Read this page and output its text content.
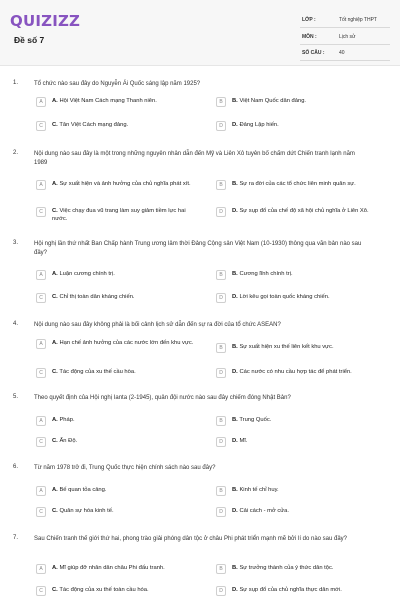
QUIZIZZ
Đề số 7
LỚP :	Tốt nghiệp THPT
MÔN :	Lịch sử
SỐ CÂU :	40
1.	Tổ chức nào sau đây do Nguyễn Ái Quốc sáng lập năm 1925?
A	A. Hội Việt Nam Cách mạng Thanh niên.	B	B. Việt Nam Quốc dân đảng.
C	C. Tân Việt Cách mạng đảng.	D	D. Đảng Lập hiến.
2.	Nội dung nào sau đây là một trong những nguyên nhân dẫn đến Mỹ và Liên Xô tuyên bố chấm dứt Chiến tranh lạnh năm 1989
A	A. Sự xuất hiện và ảnh hưởng của chủ nghĩa phát xít.	B	B. Sự ra đời của các tổ chức liên minh quân sự.
C	C. Việc chạy đua vũ trang làm suy giảm tiềm lực hai nước.
D	D. Sự sụp đổ của chế độ xã hội chủ nghĩa ở Liên Xô.
3.	Hội nghị lần thứ nhất Ban Chấp hành Trung ương lâm thời Đảng Cộng sản Việt Nam (10-1930) thông qua văn bản nào sau đây?
A	A. Luận cương chính trị.	B	B. Cương lĩnh chính trị.
C	C. Chỉ thị toàn dân kháng chiến.	D	D. Lời kêu gọi toàn quốc kháng chiến.
4.	Nội dung nào sau đây không phải là bối cảnh lịch sử dẫn đến sự ra đời của tổ chức ASEAN?
A	A. Hạn chế ảnh hưởng của các nước lớn đến khu vực.
B	B. Sự xuất hiện xu thế liên kết khu vực.
C	C. Tác động của xu thế cầu hòa.	D	D. Các nước có nhu cầu hợp tác để phát triển.
5.	Theo quyết định của Hội nghị Ianta (2-1945), quân đội nước nào sau đây chiếm đóng Nhật Bản?
A	A. Pháp.	B	B. Trung Quốc.
C	C. Ấn Độ.	D	D. Mĩ.
6.	Từ năm 1978 trở đi, Trung Quốc thực hiện chính sách nào sau đây?
A	A. Bế quan tỏa cảng.	B	B. Kinh tế chỉ huy.
C	C. Quân sự hóa kinh tế.	D	D. Cải cách - mở cửa.
7.	Sau Chiến tranh thế giới thứ hai, phong trào giải phóng dân tộc ở châu Phi phát triển mạnh mẽ bởi lí do nào sau đây?
A	A. Mĩ giúp đỡ nhân dân châu Phi đấu tranh.	B	B. Sự trưởng thành của ý thức dân tộc.
C	C. Tác động của xu thế toàn cầu hóa.	D	D. Sự sụp đổ của chủ nghĩa thực dân mới.
